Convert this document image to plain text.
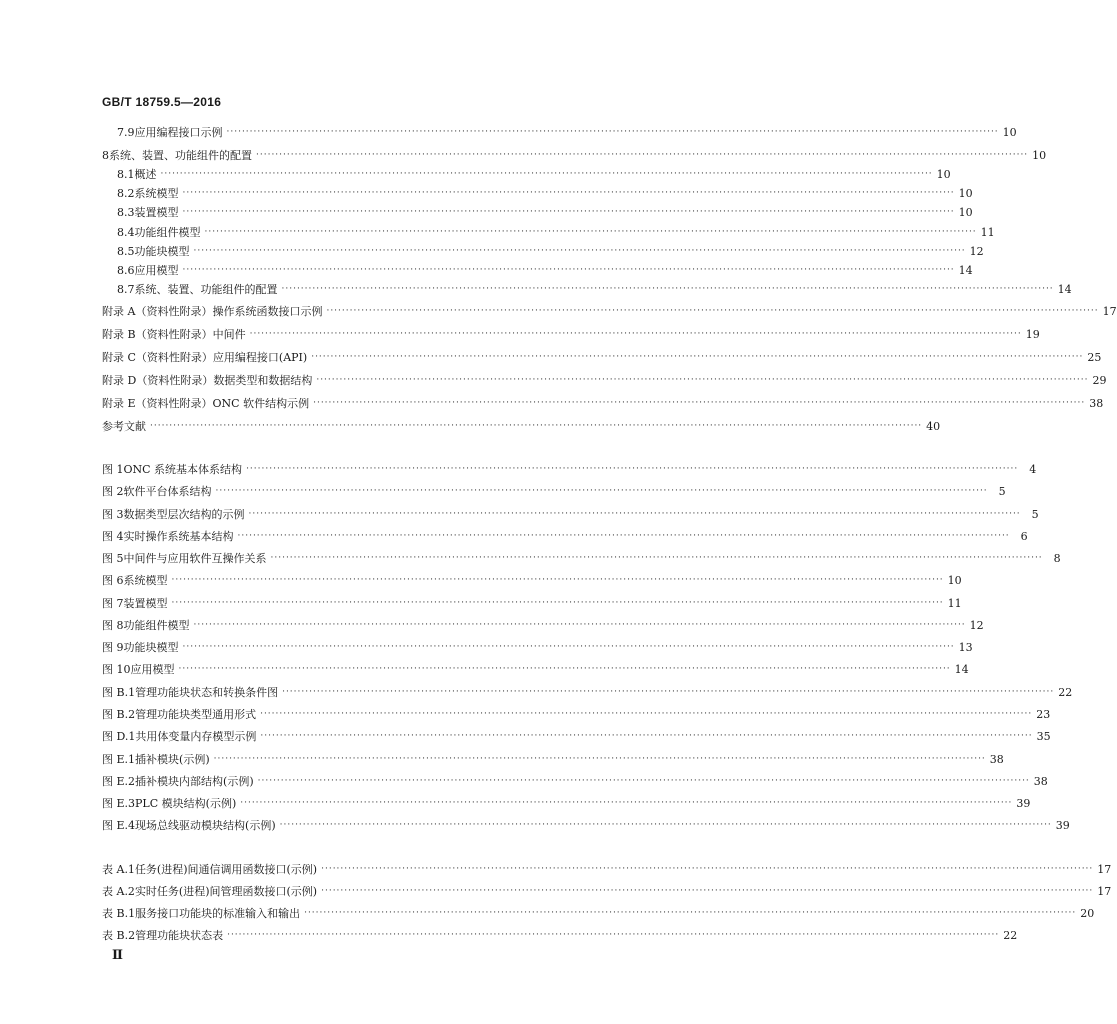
GB/T 18759.5—2016
7.9 应用编程接口示例 ········································································································································································································ 10
8 系统、装置、功能组件的配置 ········································································································································································································ 10
8.1 概述 ········································································································································································································ 10
8.2 系统模型 ········································································································································································································ 10
8.3 装置模型 ········································································································································································································ 10
8.4 功能组件模型 ········································································································································································································ 11
8.5 功能块模型 ········································································································································································································ 12
8.6 应用模型 ········································································································································································································ 14
8.7 系统、装置、功能组件的配置 ········································································································································································································ 14
附录 A（资料性附录） 操作系统函数接口示例 ········································································································································································································ 17
附录 B（资料性附录） 中间件 ········································································································································································································ 19
附录 C（资料性附录） 应用编程接口(API) ········································································································································································································ 25
附录 D（资料性附录） 数据类型和数据结构 ········································································································································································································ 29
附录 E（资料性附录） ONC 软件结构示例 ········································································································································································································ 38
参考文献 ········································································································································································································ 40
图 1 ONC 系统基本体系结构 ········································································································································································································	4
图 2 软件平台体系结构 ········································································································································································································	5
图 3 数据类型层次结构的示例 ········································································································································································································	5
图 4 实时操作系统基本结构 ········································································································································································································	6
图 5 中间件与应用软件互操作关系 ········································································································································································································	8
图 6 系统模型 ········································································································································································································ 10
图 7 装置模型 ········································································································································································································ 11
图 8 功能组件模型 ········································································································································································································ 12
图 9 功能块模型 ········································································································································································································ 13
图 10 应用模型 ········································································································································································································ 14
图 B.1 管理功能块状态和转换条件图 ········································································································································································································ 22
图 B.2 管理功能块类型通用形式 ········································································································································································································ 23
图 D.1 共用体变量内存模型示例 ········································································································································································································ 35
图 E.1 插补模块(示例) ········································································································································································································ 38
图 E.2 插补模块内部结构(示例) ········································································································································································································ 38
图 E.3 PLC 模块结构(示例) ········································································································································································································ 39
图 E.4 现场总线驱动模块结构(示例) ········································································································································································································ 39
表 A.1 任务(进程)间通信调用函数接口(示例) ········································································································································································································ 17
表 A.2 实时任务(进程)间管理函数接口(示例) ········································································································································································································ 17
表 B.1 服务接口功能块的标准输入和输出 ········································································································································································································ 20
表 B.2 管理功能块状态表 ········································································································································································································ 22
Ⅱ
